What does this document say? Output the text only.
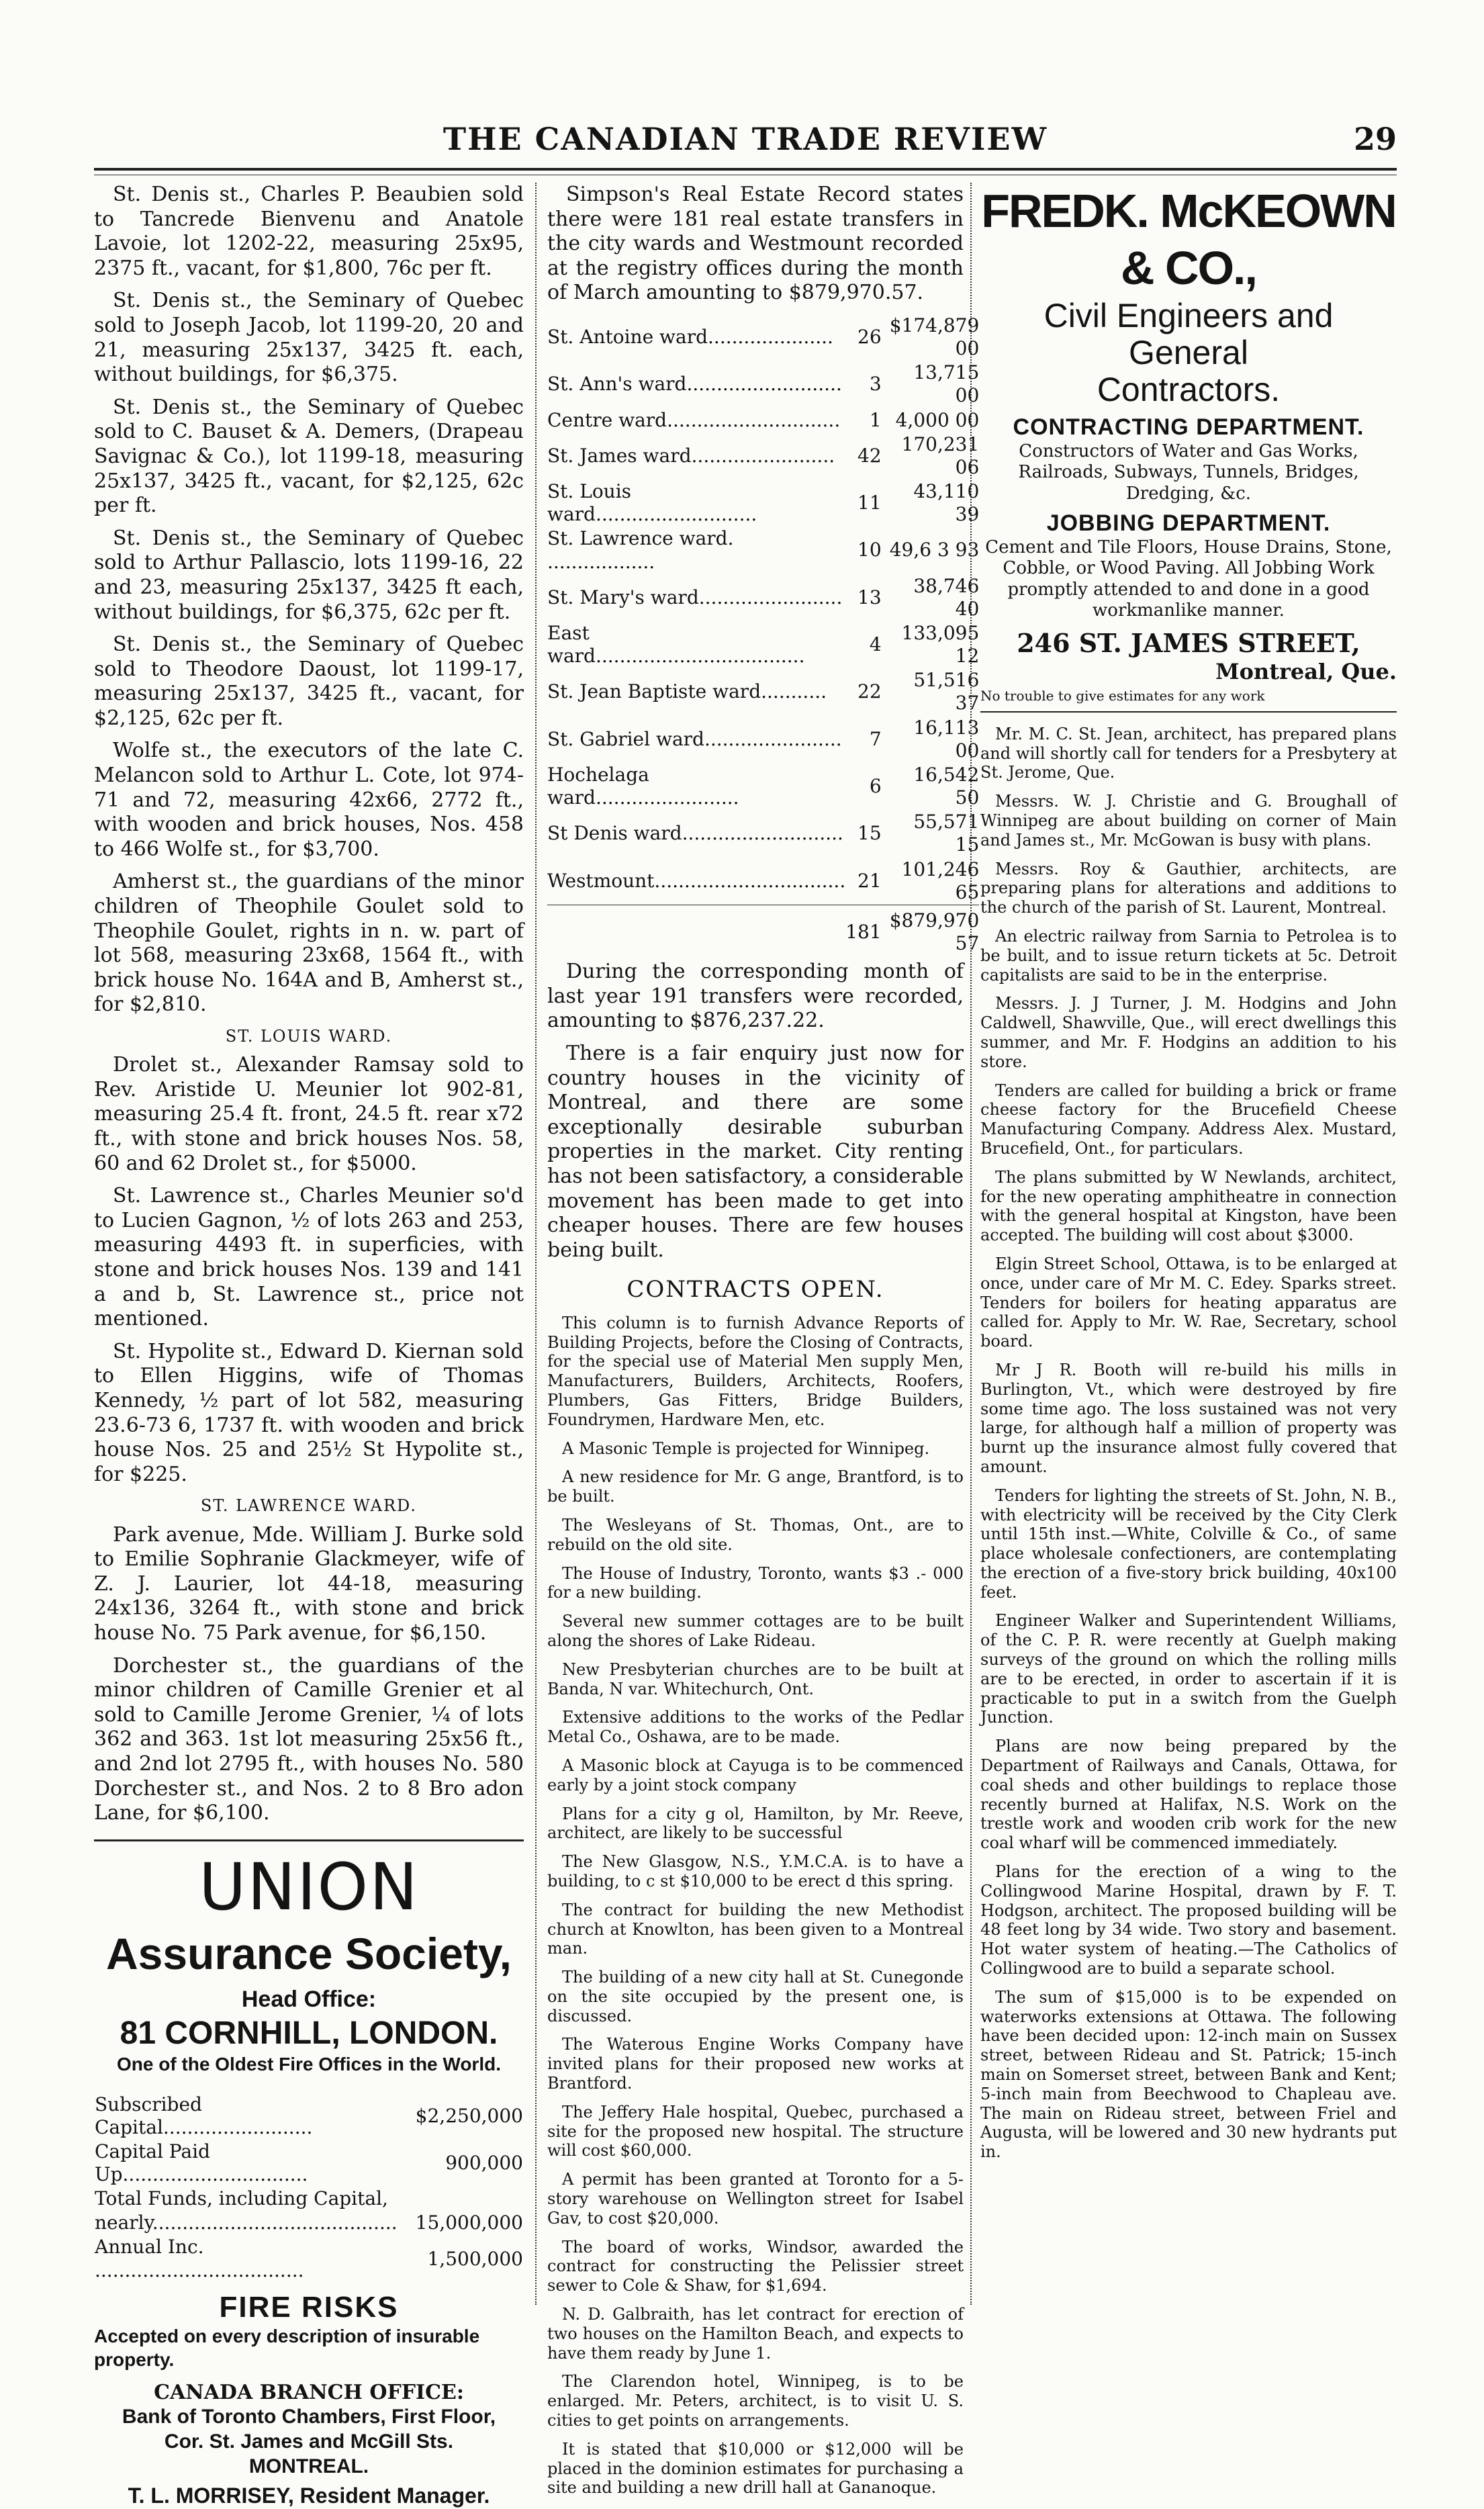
THE CANADIAN TRADE REVIEW	29

St. Denis st., Charles P. Beaubien sold to Tancrede Bienvenu and Anatole Lavoie, lot 1202-22, measuring 25x95, 2375 ft., vacant, for $1,800, 76c per ft.

St. Denis st., the Seminary of Quebec sold to Joseph Jacob, lot 1199-20, 20 and 21, measuring 25x137, 3425 ft. each, without buildings, for $6,375.

St. Denis st., the Seminary of Quebec sold to C. Bauset & A. Demers, (Drapeau Savignac & Co.), lot 1199-18, measuring 25x137, 3425 ft., vacant, for $2,125, 62c per ft.

St. Denis st., the Seminary of Quebec sold to Arthur Pallascio, lots 1199-16, 22 and 23, measuring 25x137, 3425 ft each, without buildings, for $6,375, 62c per ft.

St. Denis st., the Seminary of Quebec sold to Theodore Daoust, lot 1199-17, measuring 25x137, 3425 ft., vacant, for $2,125, 62c per ft.

Wolfe st., the executors of the late C. Melancon sold to Arthur L. Cote, lot 974-71 and 72, measuring 42x66, 2772 ft., with wooden and brick houses, Nos. 458 to 466 Wolfe st., for $3,700.

Amherst st., the guardians of the minor children of Theophile Goulet sold to Theophile Goulet, rights in n. w. part of lot 568, measuring 23x68, 1564 ft., with brick house No. 164A and B, Amherst st., for $2,810.

ST. LOUIS WARD.

Drolet st., Alexander Ramsay sold to Rev. Aristide U. Meunier lot 902-81, measuring 25.4 ft. front, 24.5 ft. rear x72 ft., with stone and brick houses Nos. 58, 60 and 62 Drolet st., for $5000.

St. Lawrence st., Charles Meunier so'd to Lucien Gagnon, ½ of lots 263 and 253, measuring 4493 ft. in superficies, with stone and brick houses Nos. 139 and 141 a and b, St. Lawrence st., price not mentioned.

St. Hypolite st., Edward D. Kiernan sold to Ellen Higgins, wife of Thomas Kennedy, ½ part of lot 582, measuring 23.6-73 6, 1737 ft. with wooden and brick house Nos. 25 and 25½ St Hypolite st., for $225.

ST. LAWRENCE WARD.

Park avenue, Mde. William J. Burke sold to Emilie Sophranie Glackmeyer, wife of Z. J. Laurier, lot 44-18, measuring 24x136, 3264 ft., with stone and brick house No. 75 Park avenue, for $6,150.

Dorchester st., the guardians of the minor children of Camille Grenier et al sold to Camille Jerome Grenier, ¼ of lots 362 and 363. 1st lot measuring 25x56 ft., and 2nd lot 2795 ft., with houses No. 580 Dorchester st., and Nos. 2 to 8 Bro adon Lane, for $6,100.

UNION
Assurance Society,
Head Office:
81 CORNHILL, LONDON.
One of the Oldest Fire Offices in the World.
Subscribed Capital.........................	$2,250,000
Capital Paid Up...............................	900,000
Total Funds, including Capital,	
nearly.........................................	15,000,000
Annual Inc. ...................................	1,500,000
FIRE RISKS
Accepted on every description of insurable property.
CANADA BRANCH OFFICE:
Bank of Toronto Chambers, First Floor,
Cor. St. James and McGill Sts.
MONTREAL.
T. L. MORRISEY, Resident Manager.

Simpson's Real Estate Record states there were 181 real estate transfers in the city wards and Westmount recorded at the registry offices during the month of March amounting to $879,970.57.

St. Antoine ward.....................	26	$174,879 00
St. Ann's ward..........................	3	13,715 00
Centre ward.............................	1	4,000 00
St. James ward........................	42	170,231 06
St. Louis ward...........................	11	43,110 39
St. Lawrence ward. ..................	10	49,6 3 93
St. Mary's ward........................	13	38,746 40
East ward...................................	4	133,095 12
St. Jean Baptiste ward...........	22	51,516 37
St. Gabriel ward.......................	7	16,113 00
Hochelaga ward........................	6	16,542 50
St Denis ward...........................	15	55,571 15
Westmount................................	21	101,246 65
	181	$879,970 57

During the corresponding month of last year 191 transfers were recorded, amounting to $876,237.22.

There is a fair enquiry just now for country houses in the vicinity of Montreal, and there are some exceptionally desirable suburban properties in the market. City renting has not been satisfactory, a considerable movement has been made to get into cheaper houses. There are few houses being built.

CONTRACTS OPEN.

This column is to furnish Advance Reports of Building Projects, before the Closing of Contracts, for the special use of Material Men supply Men, Manufacturers, Builders, Architects, Roofers, Plumbers, Gas Fitters, Bridge Builders, Foundrymen, Hardware Men, etc.

A Masonic Temple is projected for Winnipeg.

A new residence for Mr. G ange, Brantford, is to be built.

The Wesleyans of St. Thomas, Ont., are to rebuild on the old site.

The House of Industry, Toronto, wants $3 .- 000 for a new building.

Several new summer cottages are to be built along the shores of Lake Rideau.

New Presbyterian churches are to be built at Banda, N var. Whitechurch, Ont.

Extensive additions to the works of the Pedlar Metal Co., Oshawa, are to be made.

A Masonic block at Cayuga is to be commenced early by a joint stock company

Plans for a city g ol, Hamilton, by Mr. Reeve, architect, are likely to be successful

The New Glasgow, N.S., Y.M.C.A. is to have a building, to c st $10,000 to be erect d this spring.

The contract for building the new Methodist church at Knowlton, has been given to a Montreal man.

The building of a new city hall at St. Cunegonde on the site occupied by the present one, is discussed.

The Waterous Engine Works Company have invited plans for their proposed new works at Brantford.

The Jeffery Hale hospital, Quebec, purchased a site for the proposed new hospital. The structure will cost $60,000.

A permit has been granted at Toronto for a 5-story warehouse on Wellington street for Isabel Gav, to cost $20,000.

The board of works, Windsor, awarded the contract for constructing the Pelissier street sewer to Cole & Shaw, for $1,694.

N. D. Galbraith, has let contract for erection of two houses on the Hamilton Beach, and expects to have them ready by June 1.

The Clarendon hotel, Winnipeg, is to be enlarged. Mr. Peters, architect, is to visit U. S. cities to get points on arrangements.

It is stated that $10,000 or $12,000 will be placed in the dominion estimates for purchasing a site and building a new drill hall at Gananoque.

FREDK. McKEOWN & CO.,
Civil Engineers and General
Contractors.
CONTRACTING DEPARTMENT.
Constructors of Water and Gas Works, Railroads, Subways, Tunnels, Bridges, Dredging, &c.
JOBBING DEPARTMENT.
Cement and Tile Floors, House Drains, Stone, Cobble, or Wood Paving. All Jobbing Work promptly attended to and done in a good workmanlike manner.
246 ST. JAMES STREET,
Montreal, Que.
No trouble to give estimates for any work

Mr. M. C. St. Jean, architect, has prepared plans and will shortly call for tenders for a Presbytery at St. Jerome, Que.

Messrs. W. J. Christie and G. Broughall of Winnipeg are about building on corner of Main and James st., Mr. McGowan is busy with plans.

Messrs. Roy & Gauthier, architects, are preparing plans for alterations and additions to the church of the parish of St. Laurent, Montreal.

An electric railway from Sarnia to Petrolea is to be built, and to issue return tickets at 5c. Detroit capitalists are said to be in the enterprise.

Messrs. J. J Turner, J. M. Hodgins and John Caldwell, Shawville, Que., will erect dwellings this summer, and Mr. F. Hodgins an addition to his store.

Tenders are called for building a brick or frame cheese factory for the Brucefield Cheese Manufacturing Company. Address Alex. Mustard, Brucefield, Ont., for particulars.

The plans submitted by W Newlands, architect, for the new operating amphitheatre in connection with the general hospital at Kingston, have been accepted. The building will cost about $3000.

Elgin Street School, Ottawa, is to be enlarged at once, under care of Mr M. C. Edey. Sparks street. Tenders for boilers for heating apparatus are called for. Apply to Mr. W. Rae, Secretary, school board.

Mr J R. Booth will re-build his mills in Burlington, Vt., which were destroyed by fire some time ago. The loss sustained was not very large, for although half a million of property was burnt up the insurance almost fully covered that amount.

Tenders for lighting the streets of St. John, N. B., with electricity will be received by the City Clerk until 15th inst.—White, Colville & Co., of same place wholesale confectioners, are contemplating the erection of a five-story brick building, 40x100 feet.

Engineer Walker and Superintendent Williams, of the C. P. R. were recently at Guelph making surveys of the ground on which the rolling mills are to be erected, in order to ascertain if it is practicable to put in a switch from the Guelph Junction.

Plans are now being prepared by the Department of Railways and Canals, Ottawa, for coal sheds and other buildings to replace those recently burned at Halifax, N.S. Work on the trestle work and wooden crib work for the new coal wharf will be commenced immediately.

Plans for the erection of a wing to the Collingwood Marine Hospital, drawn by F. T. Hodgson, architect. The proposed building will be 48 feet long by 34 wide. Two story and basement. Hot water system of heating.—The Catholics of Collingwood are to build a separate school.

The sum of $15,000 is to be expended on waterworks extensions at Ottawa. The following have been decided upon: 12-inch main on Sussex street, between Rideau and St. Patrick; 15-inch main on Somerset street, between Bank and Kent; 5-inch main from Beechwood to Chapleau ave. The main on Rideau street, between Friel and Augusta, will be lowered and 30 new hydrants put in.
